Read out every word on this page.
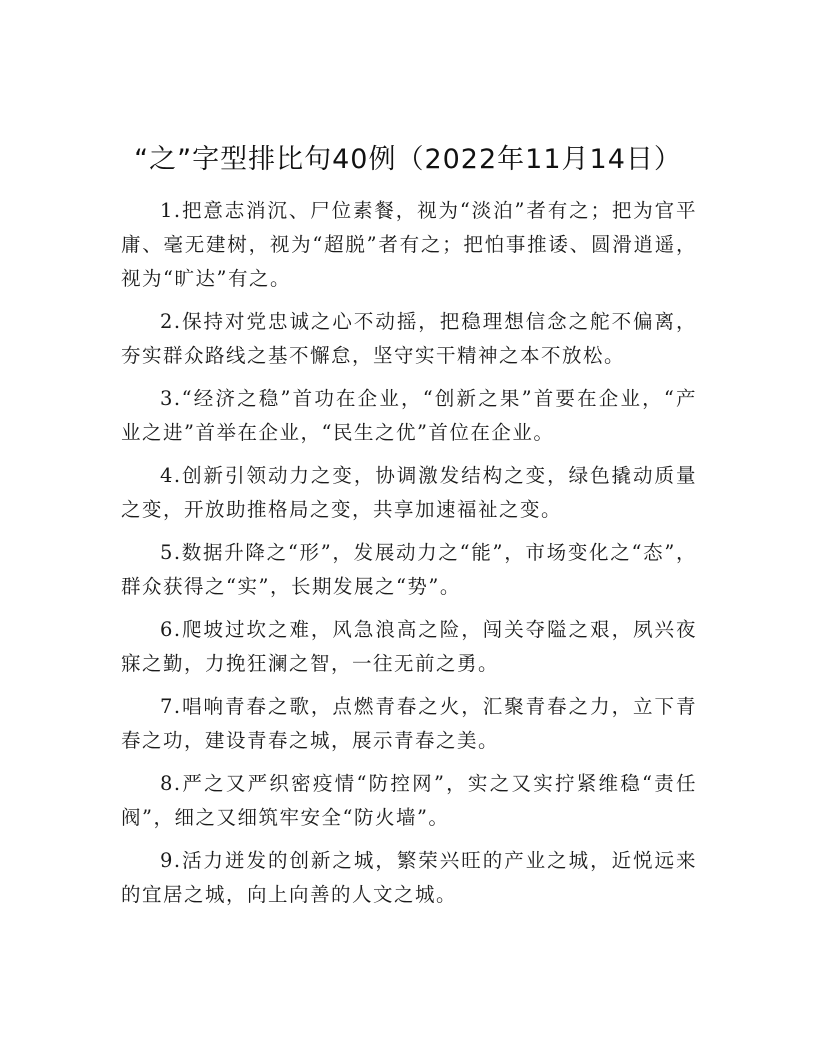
“之”字型排比句40例（2022年11月14日）

1.把意志消沉、尸位素餐，视为“淡泊”者有之；把为官平庸、毫无建树，视为“超脱”者有之；把怕事推诿、圆滑逍遥，视为“旷达”有之。

2.保持对党忠诚之心不动摇，把稳理想信念之舵不偏离，夯实群众路线之基不懈怠，坚守实干精神之本不放松。

3.“经济之稳”首功在企业，“创新之果”首要在企业，“产业之进”首举在企业，“民生之优”首位在企业。

4.创新引领动力之变，协调激发结构之变，绿色撬动质量之变，开放助推格局之变，共享加速福祉之变。

5.数据升降之“形”，发展动力之“能”，市场变化之“态”，群众获得之“实”，长期发展之“势”。

6.爬坡过坎之难，风急浪高之险，闯关夺隘之艰，夙兴夜寐之勤，力挽狂澜之智，一往无前之勇。

7.唱响青春之歌，点燃青春之火，汇聚青春之力，立下青春之功，建设青春之城，展示青春之美。

8.严之又严织密疫情“防控网”，实之又实拧紧维稳“责任阀”，细之又细筑牢安全“防火墙”。

9.活力迸发的创新之城，繁荣兴旺的产业之城，近悦远来的宜居之城，向上向善的人文之城。
